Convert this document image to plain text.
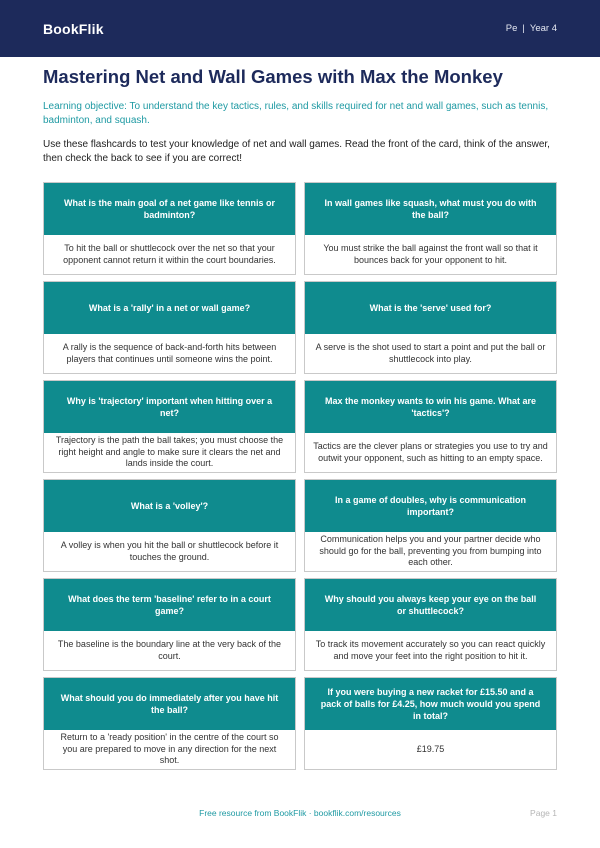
BookFlik	Pe | Year 4
Mastering Net and Wall Games with Max the Monkey

Learning objective: To understand the key tactics, rules, and skills required for net and wall games, such as tennis, badminton, and squash.

Use these flashcards to test your knowledge of net and wall games. Read the front of the card, think of the answer, then check the back to see if you are correct!

What is the main goal of a net game like tennis or badminton?
To hit the ball or shuttlecock over the net so that your opponent cannot return it within the court boundaries.
In wall games like squash, what must you do with the ball?
You must strike the ball against the front wall so that it bounces back for your opponent to hit.
What is a 'rally' in a net or wall game?
A rally is the sequence of back-and-forth hits between players that continues until someone wins the point.
What is the 'serve' used for?
A serve is the shot used to start a point and put the ball or shuttlecock into play.
Why is 'trajectory' important when hitting over a net?
Trajectory is the path the ball takes; you must choose the right height and angle to make sure it clears the net and lands inside the court.
Max the monkey wants to win his game. What are 'tactics'?
Tactics are the clever plans or strategies you use to try and outwit your opponent, such as hitting to an empty space.
What is a 'volley'?
A volley is when you hit the ball or shuttlecock before it touches the ground.
In a game of doubles, why is communication important?
Communication helps you and your partner decide who should go for the ball, preventing you from bumping into each other.
What does the term 'baseline' refer to in a court game?
The baseline is the boundary line at the very back of the court.
Why should you always keep your eye on the ball or shuttlecock?
To track its movement accurately so you can react quickly and move your feet into the right position to hit it.
What should you do immediately after you have hit the ball?
Return to a 'ready position' in the centre of the court so you are prepared to move in any direction for the next shot.
If you were buying a new racket for £15.50 and a pack of balls for £4.25, how much would you spend in total?
£19.75
Free resource from BookFlik · bookflik.com/resources	Page 1
